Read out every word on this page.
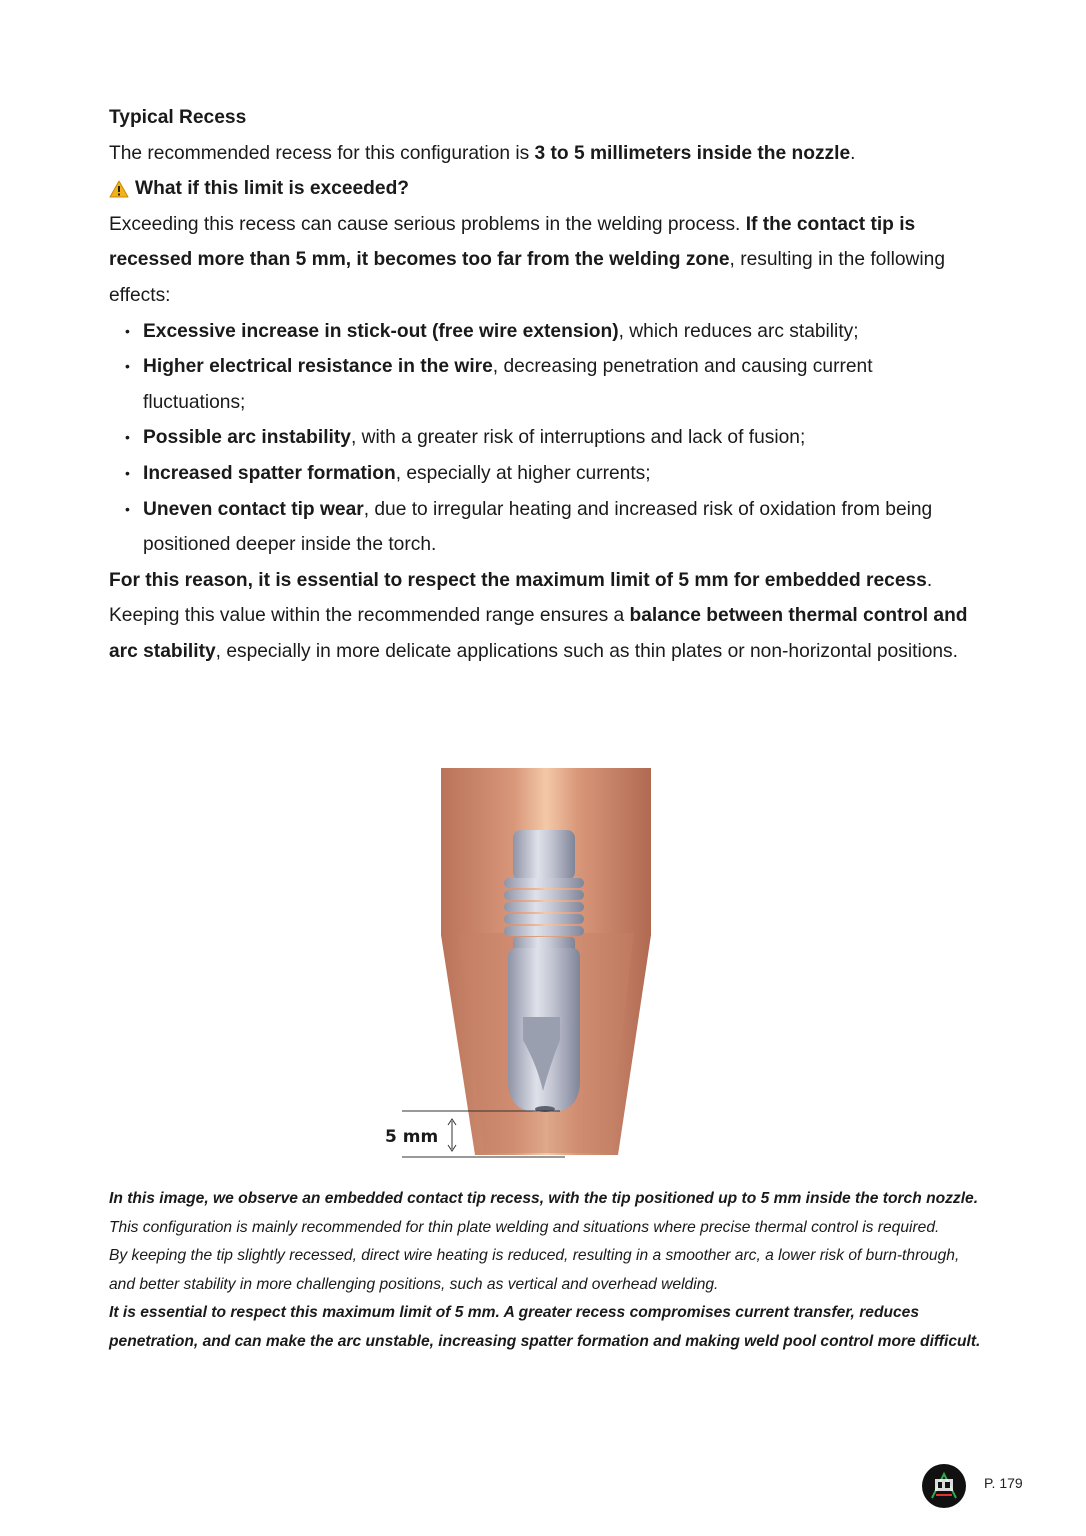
Typical Recess

The recommended recess for this configuration is 3 to 5 millimeters inside the nozzle.

What if this limit is exceeded?

Exceeding this recess can cause serious problems in the welding process. If the contact tip is recessed more than 5 mm, it becomes too far from the welding zone, resulting in the following effects:

• Excessive increase in stick-out (free wire extension), which reduces arc stability;
• Higher electrical resistance in the wire, decreasing penetration and causing current fluctuations;
• Possible arc instability, with a greater risk of interruptions and lack of fusion;
• Increased spatter formation, especially at higher currents;
• Uneven contact tip wear, due to irregular heating and increased risk of oxidation from being positioned deeper inside the torch.

For this reason, it is essential to respect the maximum limit of 5 mm for embedded recess. Keeping this value within the recommended range ensures a balance between thermal control and arc stability, especially in more delicate applications such as thin plates or non-horizontal positions.

5 mm

In this image, we observe an embedded contact tip recess, with the tip positioned up to 5 mm inside the torch nozzle. This configuration is mainly recommended for thin plate welding and situations where precise thermal control is required.

By keeping the tip slightly recessed, direct wire heating is reduced, resulting in a smoother arc, a lower risk of burn-through, and better stability in more challenging positions, such as vertical and overhead welding.

It is essential to respect this maximum limit of 5 mm. A greater recess compromises current transfer, reduces penetration, and can make the arc unstable, increasing spatter formation and making weld pool control more difficult.

P. 179
